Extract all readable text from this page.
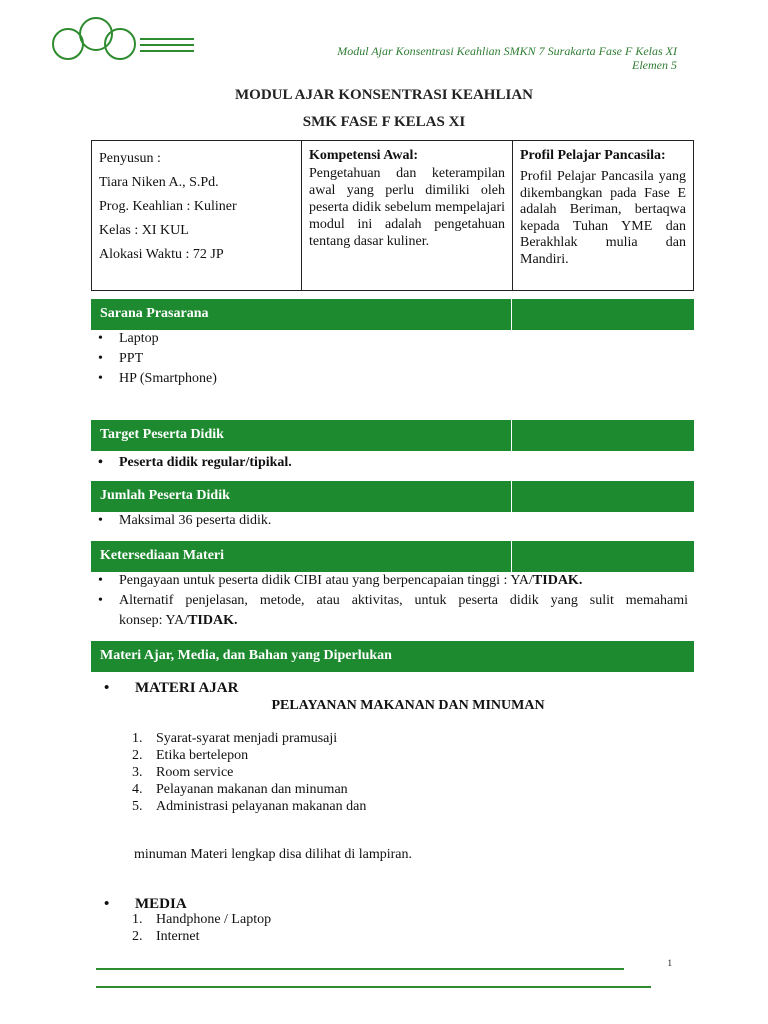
Modul Ajar Konsentrasi Keahlian SMKN 7 Surakarta Fase F Kelas XI
Elemen 5
MODUL AJAR KONSENTRASI KEAHLIAN
SMK FASE F KELAS XI
Penyusun :
Tiara Niken A., S.Pd.
Prog. Keahlian : Kuliner
Kelas : XI KUL
Alokasi Waktu : 72 JP

Kompetensi Awal:
Pengetahuan dan keterampilan awal yang perlu dimiliki oleh peserta didik sebelum mempelajari modul ini adalah pengetahuan tentang dasar kuliner.

Profil Pelajar Pancasila:
Profil Pelajar Pancasila yang dikembangkan pada Fase E adalah Beriman, bertaqwa kepada Tuhan YME dan Berakhlak mulia dan Mandiri.
Sarana Prasarana
• Laptop
• PPT
• HP (Smartphone)
Target Peserta Didik
• Peserta didik regular/tipikal.
Jumlah Peserta Didik
• Maksimal 36 peserta didik.
Ketersediaan Materi
• Pengayaan untuk peserta didik CIBI atau yang berpencapaian tinggi : YA/TIDAK.
•	Alternatif penjelasan, metode, atau aktivitas, untuk peserta didik yang sulit memahami
konsep: YA/TIDAK.
Materi Ajar, Media, dan Bahan yang Diperlukan
• MATERI AJAR
PELAYANAN MAKANAN DAN MINUMAN
1. Syarat-syarat menjadi pramusaji
2. Etika bertelepon
3. Room service
4. Pelayanan makanan dan minuman
5. Administrasi pelayanan makanan dan
minuman Materi lengkap disa dilihat di lampiran.
• MEDIA
1. Handphone / Laptop
2. Internet
1
